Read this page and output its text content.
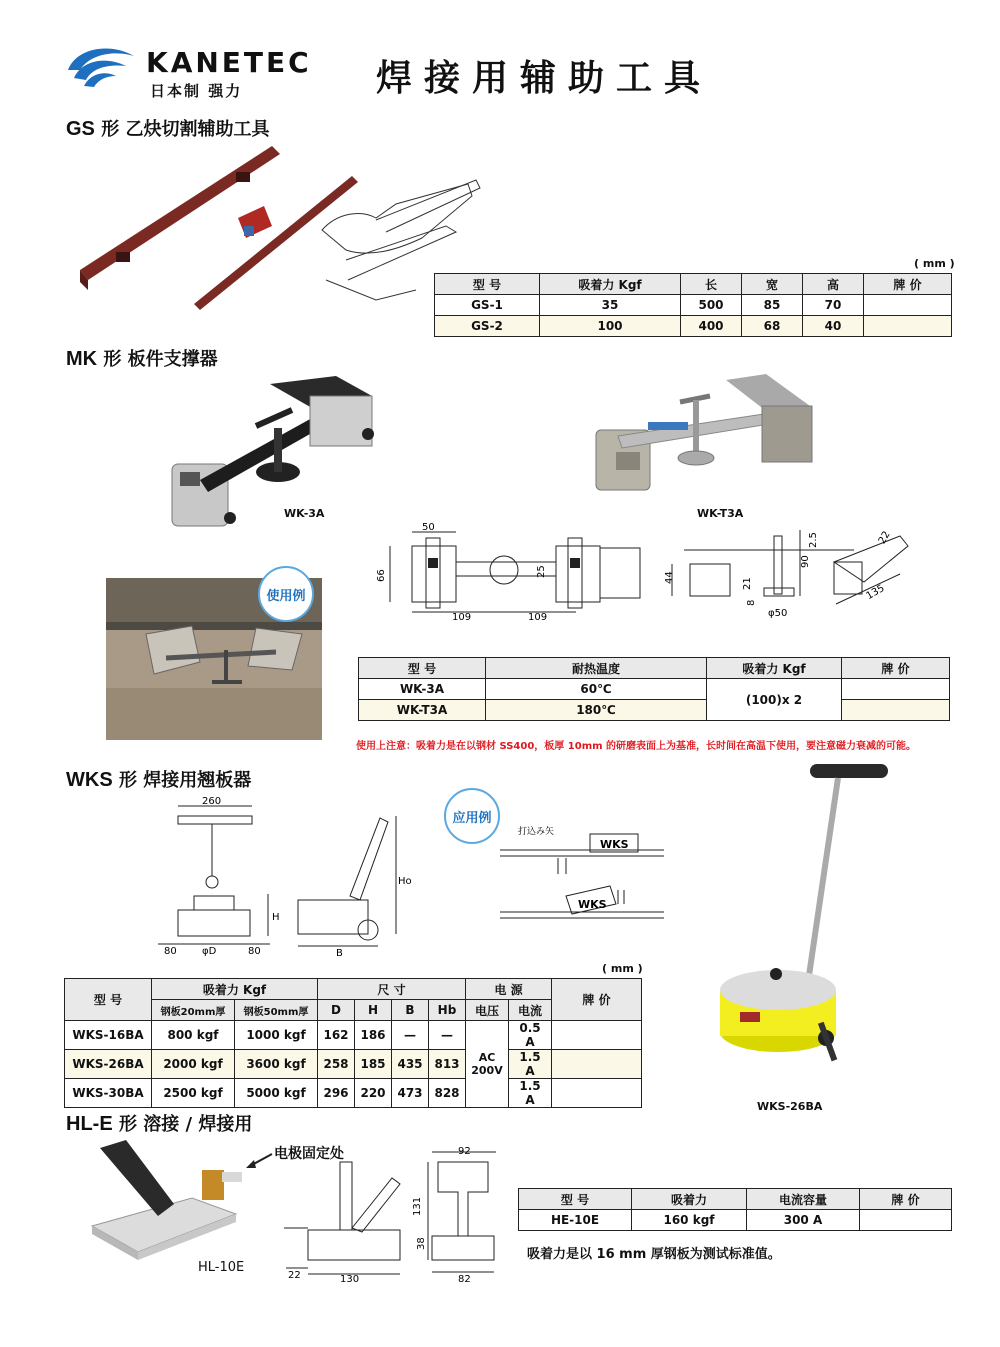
KANETEC
日本制 强力	焊接用辅助工具
GS 形 乙炔切割辅助工具
( mm )
型 号	吸着力 Kgf	长	宽	高	牌 价
GS-1	35	500	85	70	
GS-2	100	400	68	40	
MK 形 板件支撑器
WK-3A	WK-T3A
50
66	25
109	109
2.5
90
44	21
8
φ50
22
135
使用例
型 号	耐热温度	吸着力 Kgf	牌 价
WK-3A	60℃	(100)x 2	
WK-T3A	180℃		
使用上注意：吸着力是在以钢材 SS400，板厚 10mm 的研磨表面上为基准，长时间在高温下使用，要注意磁力衰减的可能。
WKS 形 焊接用翘板器
260
H
Ho
80	φD	80	B
应用例
打込み矢
WKS
WKS
WKS-26BA
( mm )
型 号	吸着力 Kgf		尺 寸				电 源		牌 价
	钢板20mm厚	钢板50mm厚	D	H	B	Hb	电压	电流	
WKS-16BA	800 kgf	1000 kgf	162	186	—	—	AC 200V	0.5 A	
WKS-26BA	2000 kgf	3600 kgf	258	185	435	813		1.5 A	
WKS-30BA	2500 kgf	5000 kgf	296	220	473	828		1.5 A	
HL-E 形 溶接 / 焊接用
电极固定处
HL-10E
92
131
38
22	130	82
型 号	吸着力	电流容量	牌 价
HE-10E	160 kgf	300 A	
吸着力是以 16 mm 厚钢板为测试标准值。
